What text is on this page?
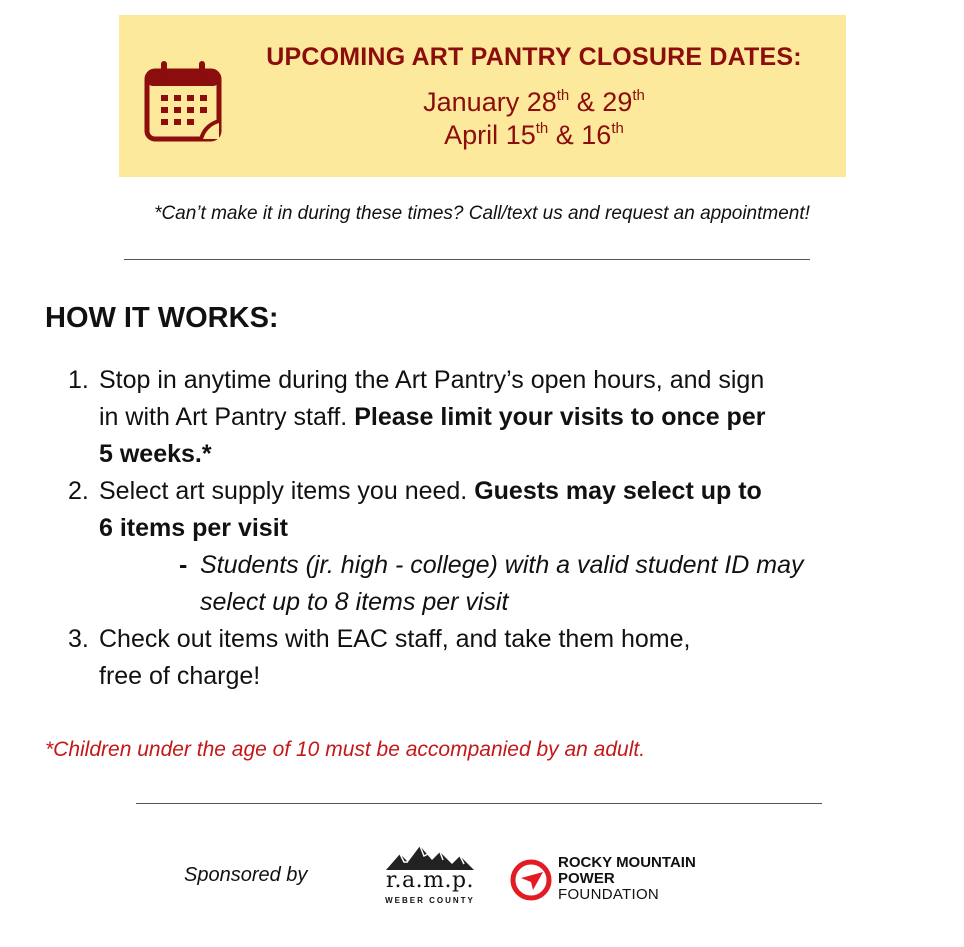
UPCOMING ART PANTRY CLOSURE DATES:
January 28th & 29th
April 15th & 16th
*Can’t make it in during these times? Call/text us and request an appointment!
HOW IT WORKS:
1. Stop in anytime during the Art Pantry’s open hours, and sign
in with Art Pantry staff. Please limit your visits to once per
5 weeks.*
2. Select art supply items you need. Guests may select up to
6 items per visit
- Students (jr. high - college) with a valid student ID may
select up to 8 items per visit
3. Check out items with EAC staff, and take them home,
free of charge!
*Children under the age of 10 must be accompanied by an adult.
Sponsored by	r.a.m.p.
WEBER COUNTY
ROCKY MOUNTAIN
POWER
FOUNDATION
